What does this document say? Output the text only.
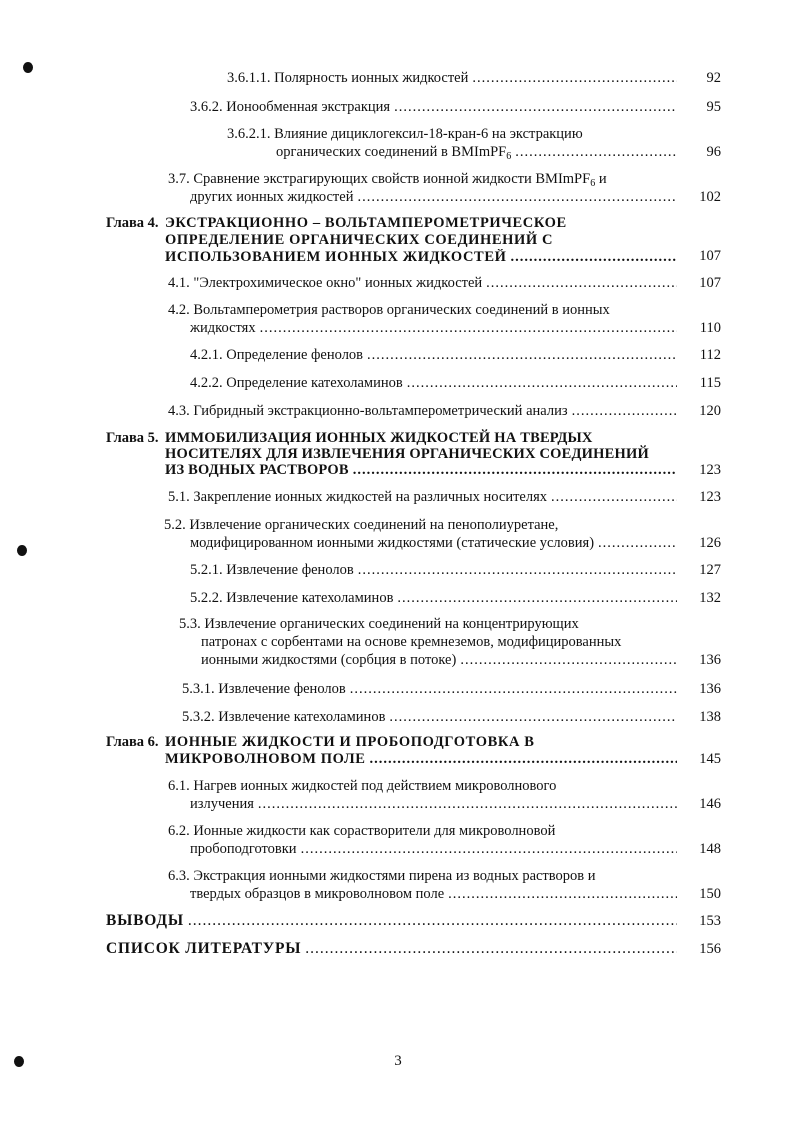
3.6.1.1. Полярность ионных жидкостей .....	92
3.6.2. Ионообменная экстракция .....	95
3.6.2.1. Влияние дициклогексил-18-кран-6 на экстракцию
органических соединений в BMImPF$_6$ .....	96
3.7. Сравнение экстрагирующих свойств ионной жидкости BMImPF$_6$ и
других ионных жидкостей .....	102
Глава 4. ЭКСТРАКЦИОННО – ВОЛЬТАМПЕРОМЕТРИЧЕСКОЕ
ОПРЕДЕЛЕНИЕ ОРГАНИЧЕСКИХ СОЕДИНЕНИЙ С
ИСПОЛЬЗОВАНИЕМ ИОННЫХ ЖИДКОСТЕЙ .....	107
4.1. "Электрохимическое окно" ионных жидкостей .....	107
4.2. Вольтамперометрия растворов органических соединений в ионных
жидкостях .....	110
4.2.1. Определение фенолов .....	112
4.2.2. Определение катехоламинов .....	115
4.3. Гибридный экстракционно-вольтамперометрический анализ .....	120
Глава 5. ИММОБИЛИЗАЦИЯ ИОННЫХ ЖИДКОСТЕЙ НА ТВЕРДЫХ
НОСИТЕЛЯХ ДЛЯ ИЗВЛЕЧЕНИЯ ОРГАНИЧЕСКИХ СОЕДИНЕНИЙ
ИЗ ВОДНЫХ РАСТВОРОВ .....	123
5.1. Закрепление ионных жидкостей на различных носителях .....	123
5.2. Извлечение органических соединений на пенополиуретане,
модифицированном ионными жидкостями (статические условия) .....	126
5.2.1. Извлечение фенолов .....	127
5.2.2. Извлечение катехоламинов .....	132
5.3. Извлечение органических соединений на концентрирующих
патронах с сорбентами на основе кремнеземов, модифицированных
ионными жидкостями (сорбция в потоке) .....	136
5.3.1. Извлечение фенолов .....	136
5.3.2. Извлечение катехоламинов .....	138
Глава 6. ИОННЫЕ ЖИДКОСТИ И ПРОБОПОДГОТОВКА В
МИКРОВОЛНОВОМ ПОЛЕ .....	145
6.1. Нагрев ионных жидкостей под действием микроволнового
излучения .....	146
6.2. Ионные жидкости как сорастворители для микроволновой
пробоподготовки .....	148
6.3. Экстракция ионными жидкостями пирена из водных растворов и
твердых образцов в микроволновом поле .....	150
ВЫВОДЫ .....	153
СПИСОК ЛИТЕРАТУРЫ .....	156
3
